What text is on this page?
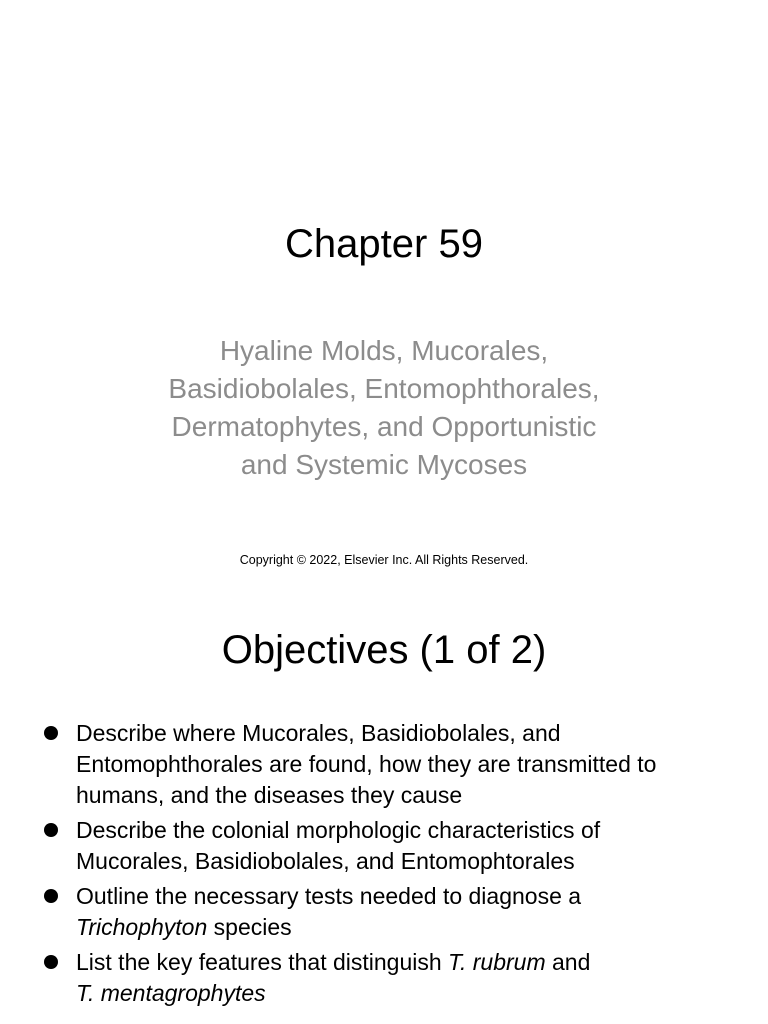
Chapter 59
Hyaline Molds, Mucorales,
Basidiobolales, Entomophthorales,
Dermatophytes, and Opportunistic
and Systemic Mycoses
Copyright © 2022, Elsevier Inc. All Rights Reserved.
Objectives (1 of 2)
Describe where Mucorales, Basidiobolales, and
Entomophthorales are found, how they are transmitted to
humans, and the diseases they cause
Describe the colonial morphologic characteristics of
Mucorales, Basidiobolales, and Entomophtorales
Outline the necessary tests needed to diagnose a
Trichophyton species
List the key features that distinguish T. rubrum and
T. mentagrophytes
